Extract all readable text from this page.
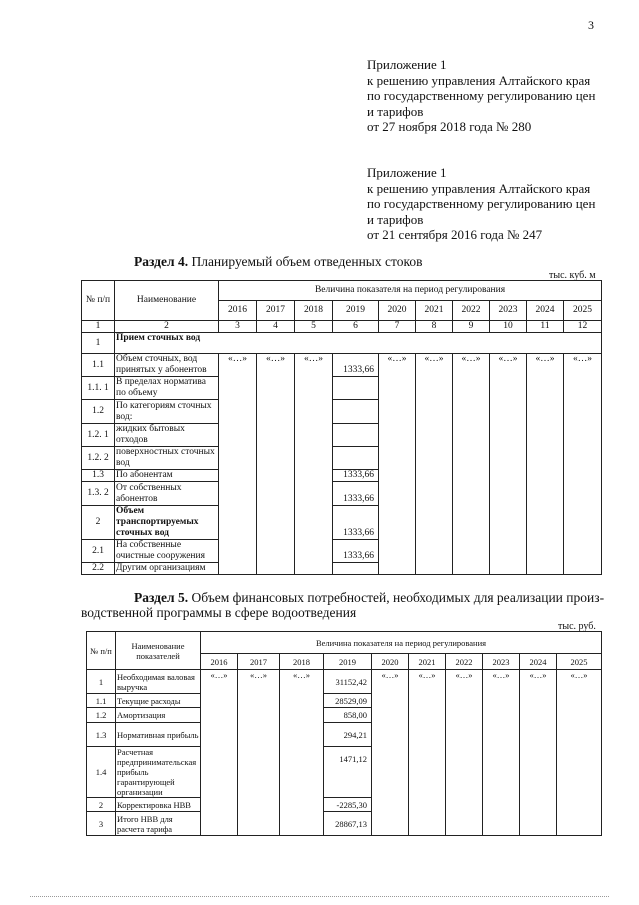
3
Приложение 1
к решению управления Алтайского края
по государственному регулированию цен
и тарифов
от 27 ноября 2018 года № 280
Приложение 1
к решению управления Алтайского края
по государственному регулированию цен
и тарифов
от 21 сентября 2016 года № 247
Раздел 4. Планируемый объем отведенных стоков
тыс. куб. м
№ п/п	Наименование	Величина показателя на период регулирования									
		2016	2017	2018	2019	2020	2021	2022	2023	2024	2025
1	2	3	4	5	6	7	8	9	10	11	12
1	Прием сточных вод										
1.1	Объем сточных, вод принятых у абонентов	«…»	«…»	«…»	1333,66	«…»	«…»	«…»	«…»	«…»	«…»
1.1. 1	В пределах норматива по объему										
1.2	По категориям сточных вод:										
1.2. 1	жидких бытовых отходов										
1.2. 2	поверхностных сточных вод										
1.3	По абонентам				1333,66						
1.3. 2	От собственных абонентов				1333,66						
2	Объем транспортируемых сточных вод				1333,66						
2.1	На собственные очистные сооружения				1333,66						
2.2	Другим организациям										
Раздел 5. Объем финансовых потребностей, необходимых для реализации произ-
водственной программы в сфере водоотведения
тыс. руб.
№ п/п	Наименование показателей	Величина показателя на период регулирования									
		2016	2017	2018	2019	2020	2021	2022	2023	2024	2025
1	Необходимая валовая выручка	«…»	«…»	«…»	31152,42	«…»	«…»	«…»	«…»	«…»	«…»
1.1	Текущие расходы				28529,09						
1.2	Амортизация				858,00						
1.3	Нормативная прибыль				294,21						
1.4	Расчетная предпринимательская прибыль гарантирующей организации				1471,12						
2	Корректировка НВВ				-2285,30						
3	Итого НВВ для расчета тарифа				28867,13						
